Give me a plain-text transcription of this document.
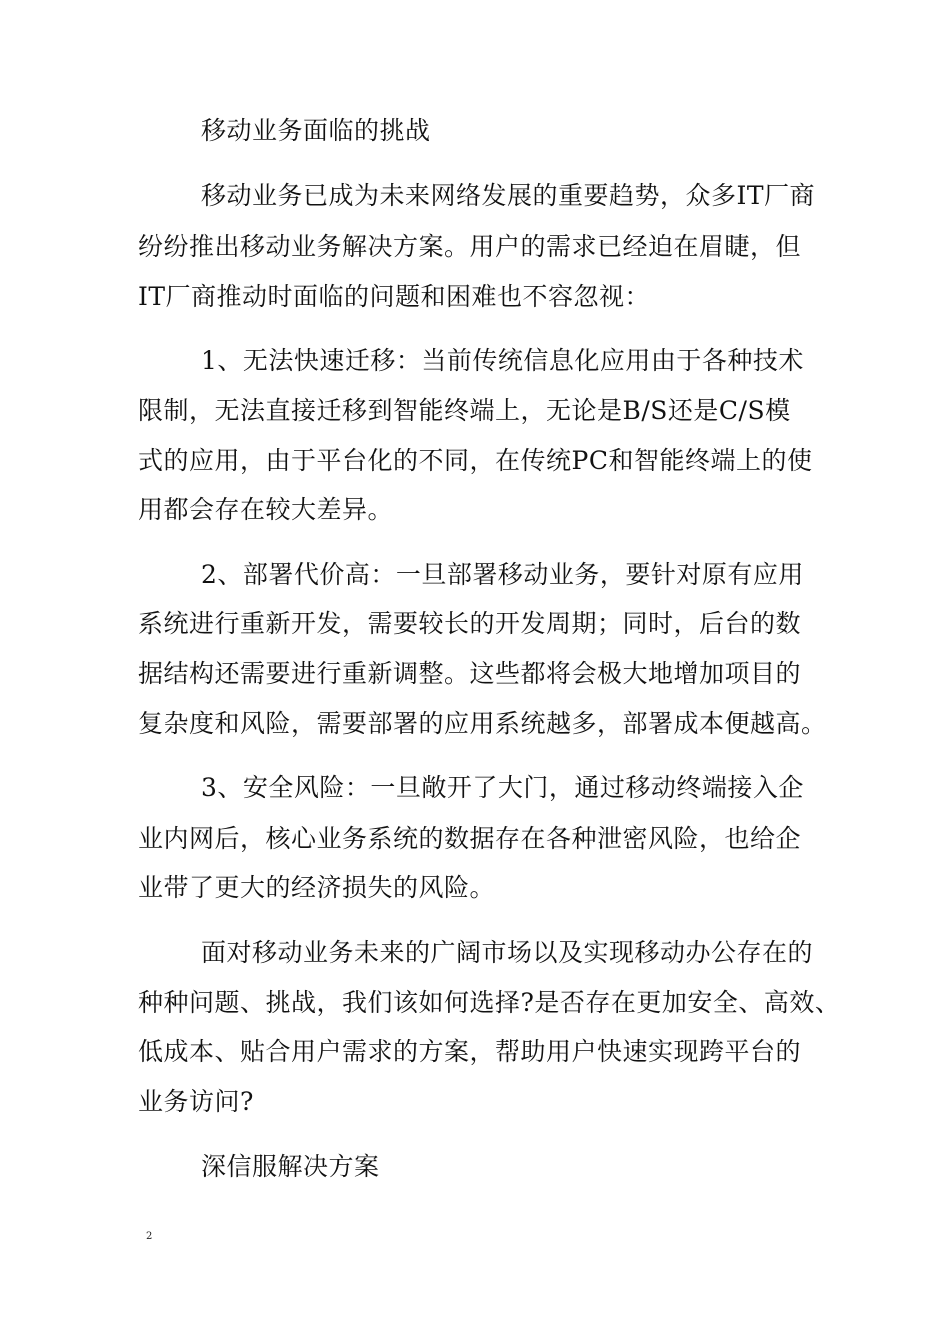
移动业务面临的挑战
移动业务已成为未来网络发展的重要趋势，众多IT厂商
纷纷推出移动业务解决方案。用户的需求已经迫在眉睫，但
IT厂商推动时面临的问题和困难也不容忽视：
1、无法快速迁移：当前传统信息化应用由于各种技术
限制，无法直接迁移到智能终端上，无论是B/S还是C/S模
式的应用，由于平台化的不同，在传统PC和智能终端上的使
用都会存在较大差异。
2、部署代价高：一旦部署移动业务，要针对原有应用
系统进行重新开发，需要较长的开发周期；同时，后台的数
据结构还需要进行重新调整。这些都将会极大地增加项目的
复杂度和风险，需要部署的应用系统越多，部署成本便越高。
3、安全风险：一旦敞开了大门，通过移动终端接入企
业内网后，核心业务系统的数据存在各种泄密风险，也给企
业带了更大的经济损失的风险。
面对移动业务未来的广阔市场以及实现移动办公存在的
种种问题、挑战，我们该如何选择?是否存在更加安全、高效、
低成本、贴合用户需求的方案，帮助用户快速实现跨平台的
业务访问?
深信服解决方案
2
